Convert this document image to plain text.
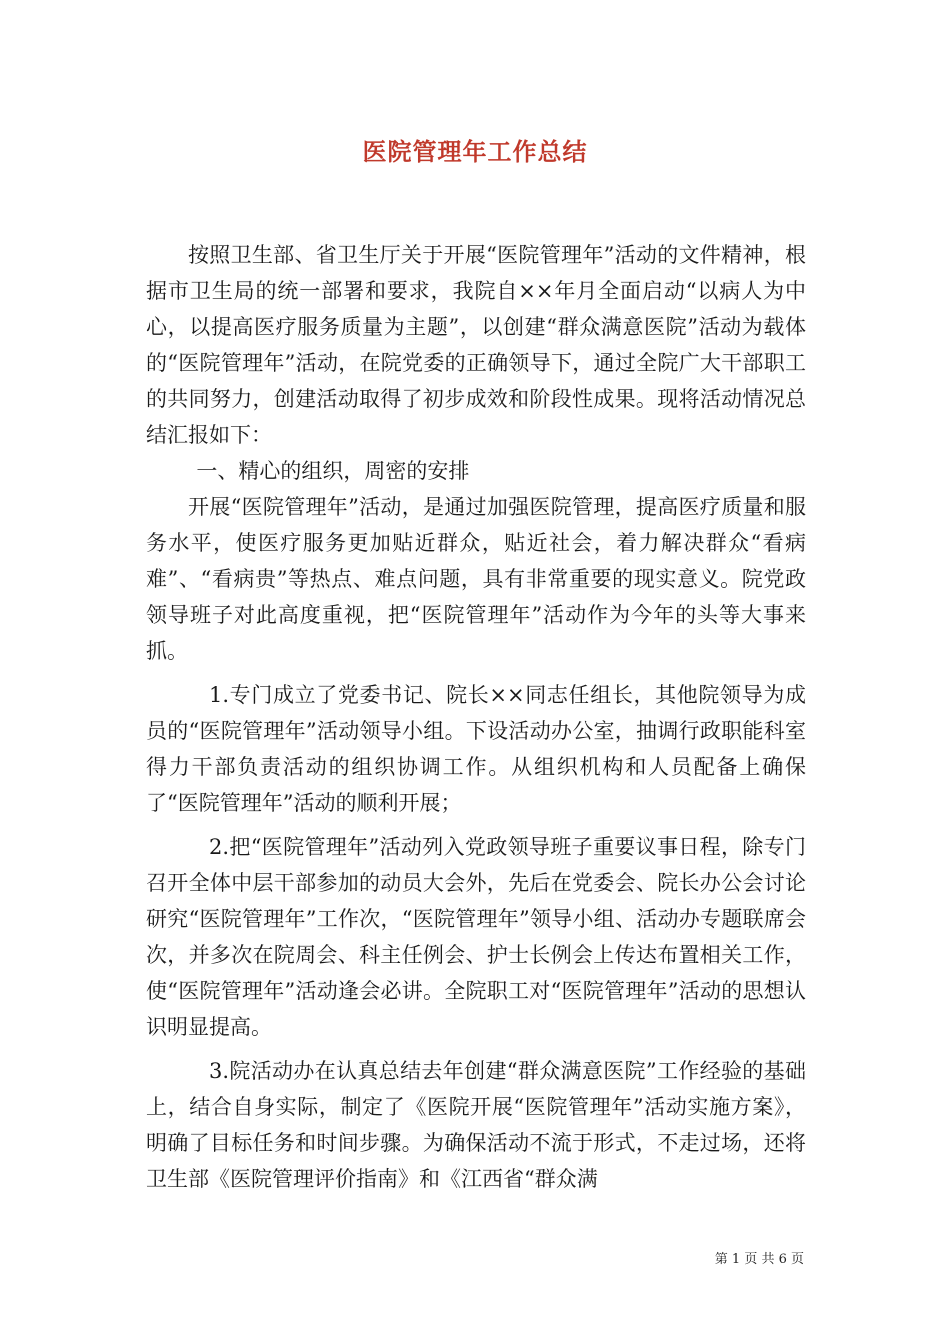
医院管理年工作总结

按照卫生部、省卫生厅关于开展“医院管理年”活动的文件精神，根据市卫生局的统一部署和要求，我院自××年月全面启动“以病人为中心，以提高医疗服务质量为主题”，以创建“群众满意医院”活动为载体的“医院管理年”活动，在院党委的正确领导下，通过全院广大干部职工的共同努力，创建活动取得了初步成效和阶段性成果。现将活动情况总结汇报如下：

一、精心的组织，周密的安排

开展“医院管理年”活动，是通过加强医院管理，提高医疗质量和服务水平，使医疗服务更加贴近群众，贴近社会，着力解决群众“看病难”、“看病贵”等热点、难点问题，具有非常重要的现实意义。院党政领导班子对此高度重视，把“医院管理年”活动作为今年的头等大事来抓。

1.专门成立了党委书记、院长××同志任组长，其他院领导为成员的“医院管理年”活动领导小组。下设活动办公室，抽调行政职能科室得力干部负责活动的组织协调工作。从组织机构和人员配备上确保了“医院管理年”活动的顺利开展；

2.把“医院管理年”活动列入党政领导班子重要议事日程，除专门召开全体中层干部参加的动员大会外，先后在党委会、院长办公会讨论研究“医院管理年”工作次，“医院管理年”领导小组、活动办专题联席会次，并多次在院周会、科主任例会、护士长例会上传达布置相关工作，使“医院管理年”活动逢会必讲。全院职工对“医院管理年”活动的思想认识明显提高。

3.院活动办在认真总结去年创建“群众满意医院”工作经验的基础上，结合自身实际，制定了《医院开展“医院管理年”活动实施方案》，明确了目标任务和时间步骤。为确保活动不流于形式，不走过场，还将卫生部《医院管理评价指南》和《江西省“群众满

第 1 页 共 6 页
